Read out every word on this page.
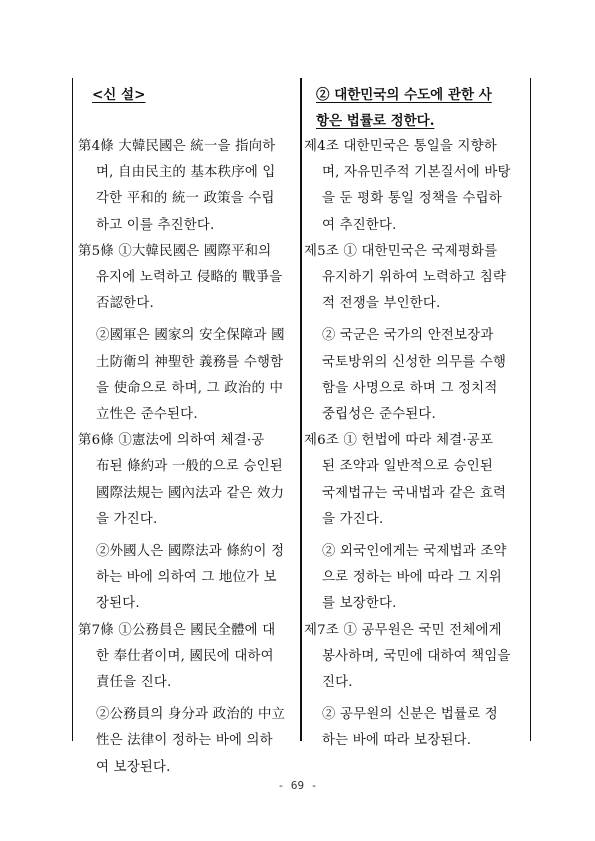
<신 설>

第4條 大韓民國은 統一을 指向하

며, 自由民主的 基本秩序에 입

각한 平和的 統一 政策을 수립

하고 이를 추진한다.

第5條 ①大韓民國은 國際平和의

유지에 노력하고 侵略的 戰爭을

否認한다.

②國軍은 國家의 安全保障과 國

土防衛의 神聖한 義務를 수행함

을 使命으로 하며, 그 政治的 中

立性은 준수된다.

第6條 ①憲法에 의하여 체결·공

布된 條約과 一般的으로 승인된

國際法規는 國內法과 같은 效力

을 가진다.

②外國人은 國際法과 條約이 정

하는 바에 의하여 그 地位가 보

장된다.

第7條 ①公務員은 國民全體에 대

한 奉仕者이며, 國民에 대하여

責任을 진다.

②公務員의 身分과 政治的 中立

性은 法律이 정하는 바에 의하

여 보장된다.

② 대한민국의 수도에 관한 사
항은 법률로 정한다.

제4조 대한민국은 통일을 지향하

며, 자유민주적 기본질서에 바탕

을 둔 평화 통일 정책을 수립하

여 추진한다.

제5조 ① 대한민국은 국제평화를

유지하기 위하여 노력하고 침략

적 전쟁을 부인한다.

② 국군은 국가의 안전보장과

국토방위의 신성한 의무를 수행

함을 사명으로 하며 그 정치적

중립성은 준수된다.

제6조 ① 헌법에 따라 체결·공포

된 조약과 일반적으로 승인된

국제법규는 국내법과 같은 효력

을 가진다.

② 외국인에게는 국제법과 조약

으로 정하는 바에 따라 그 지위

를 보장한다.

제7조 ① 공무원은 국민 전체에게

봉사하며, 국민에 대하여 책임을

진다.

② 공무원의 신분은 법률로 정

하는 바에 따라 보장된다.

- 69 -
